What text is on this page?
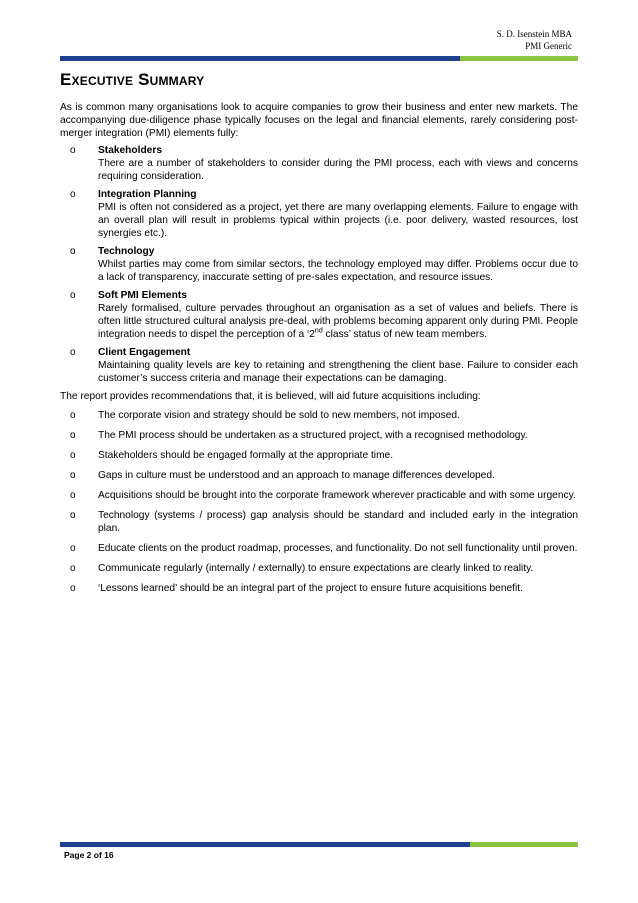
S. D. Isenstein MBA
PMI Generic
Executive Summary

As is common many organisations look to acquire companies to grow their business and enter new markets. The accompanying due-diligence phase typically focuses on the legal and financial elements, rarely considering post-merger integration (PMI) elements fully:

o Stakeholders
There are a number of stakeholders to consider during the PMI process, each with views and concerns requiring consideration.
o Integration Planning
PMI is often not considered as a project, yet there are many overlapping elements. Failure to engage with an overall plan will result in problems typical within projects (i.e. poor delivery, wasted resources, lost synergies etc.).
o Technology
Whilst parties may come from similar sectors, the technology employed may differ. Problems occur due to a lack of transparency, inaccurate setting of pre-sales expectation, and resource issues.
o Soft PMI Elements
Rarely formalised, culture pervades throughout an organisation as a set of values and beliefs. There is often little structured cultural analysis pre-deal, with problems becoming apparent only during PMI. People integration needs to dispel the perception of a ‘2nd class’ status of new team members.
o Client Engagement
Maintaining quality levels are key to retaining and strengthening the client base. Failure to consider each customer’s success criteria and manage their expectations can be damaging.

The report provides recommendations that, it is believed, will aid future acquisitions including:

o The corporate vision and strategy should be sold to new members, not imposed.
o The PMI process should be undertaken as a structured project, with a recognised methodology.
o Stakeholders should be engaged formally at the appropriate time.
o Gaps in culture must be understood and an approach to manage differences developed.
o Acquisitions should be brought into the corporate framework wherever practicable and with some urgency.
o Technology (systems / process) gap analysis should be standard and included early in the integration plan.
o Educate clients on the product roadmap, processes, and functionality. Do not sell functionality until proven.
o Communicate regularly (internally / externally) to ensure expectations are clearly linked to reality.
o ‘Lessons learned’ should be an integral part of the project to ensure future acquisitions benefit.
Page 2 of 16
